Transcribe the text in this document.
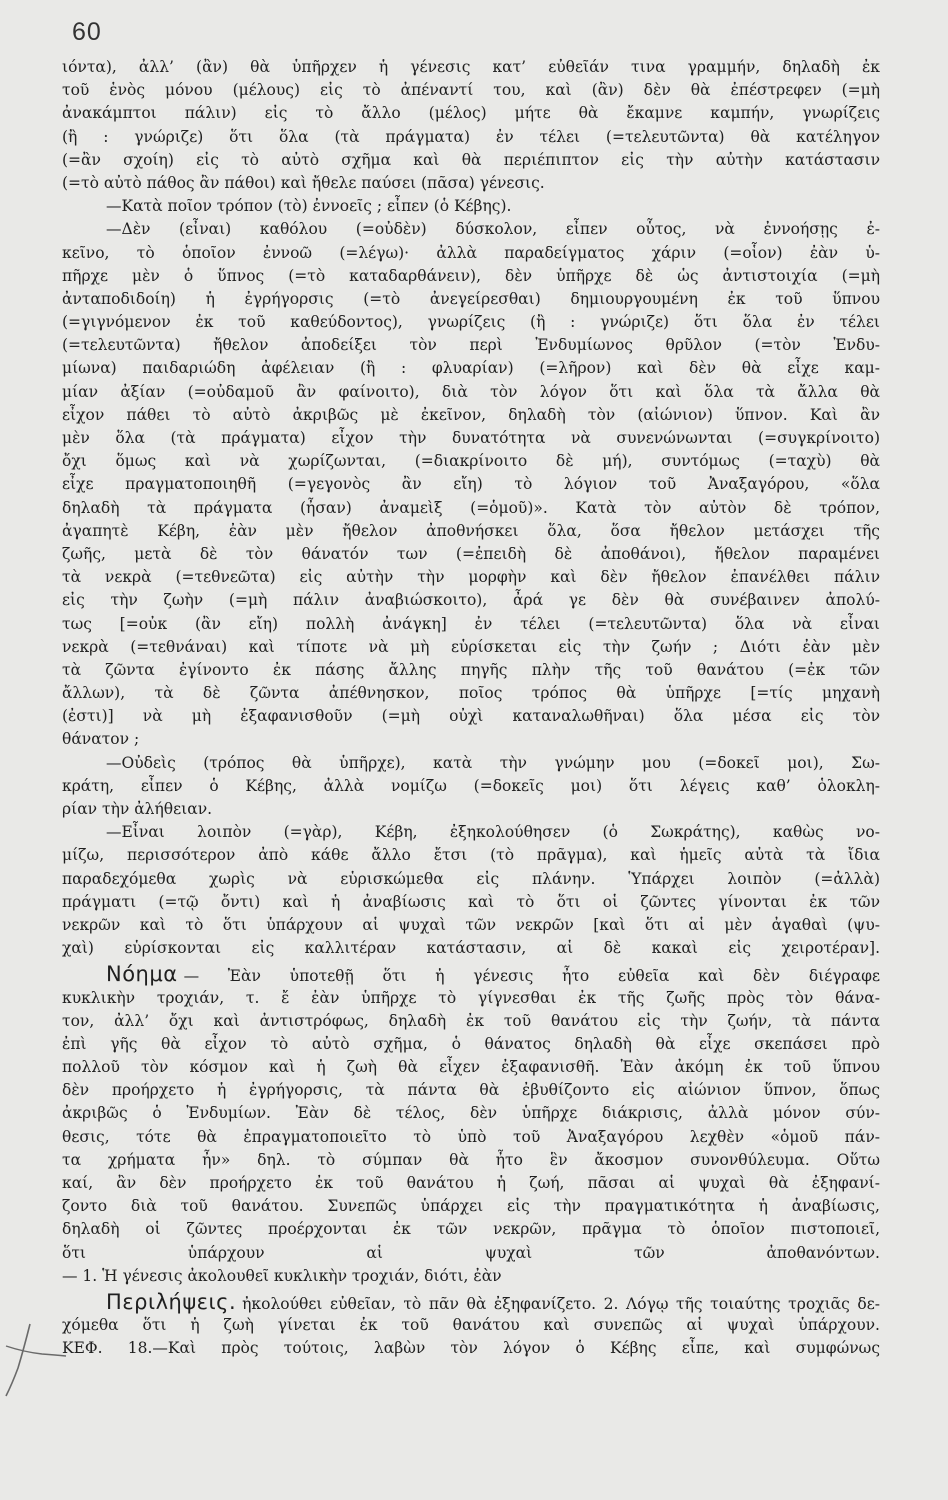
60
ιόντα), ἀλλ’ (ἂν) θὰ ὑπῆρχεν ἡ γένεσις κατ’ εὐθεῖάν τινα γραμμήν, δηλαδὴ ἐκ
τοῦ ἑνὸς μόνου (μέλους) εἰς τὸ ἀπέναντί του, καὶ (ἂν) δὲν θὰ ἐπέστρεφεν (=μὴ
ἀνακάμπτοι πάλιν) εἰς τὸ ἄλλο (μέλος) μήτε θὰ ἔκαμνε καμπήν, γνωρίζεις
(ἢ : γνώριζε) ὅτι ὅλα (τὰ πράγματα) ἐν τέλει (=τελευτῶντα) θὰ κατέληγον
(=ἂν σχοίη) εἰς τὸ αὐτὸ σχῆμα καὶ θὰ περιέπιπτον εἰς τὴν αὐτὴν κατάστασιν
(=τὸ αὐτὸ πάθος ἂν πάθοι) καὶ ἤθελε παύσει (πᾶσα) γένεσις.
—Κατὰ ποῖον τρόπον (τὸ) ἐννοεῖς ; εἶπεν (ὁ Κέβης).
—Δὲν (εἶναι) καθόλου (=οὐδὲν) δύσκολον, εἶπεν οὗτος, νὰ ἐννοήσῃς ἐ-
κεῖνο, τὸ ὁποῖον ἐννοῶ (=λέγω)· ἀλλὰ παραδείγματος χάριν (=οἷον) ἐὰν ὑ-
πῆρχε μὲν ὁ ὕπνος (=τὸ καταδαρθάνειν), δὲν ὑπῆρχε δὲ ὡς ἀντιστοιχία (=μὴ
ἀνταποδιδοίη) ἡ ἐγρήγορσις (=τὸ ἀνεγείρεσθαι) δημιουργουμένη ἐκ τοῦ ὕπνου
(=γιγνόμενον ἐκ τοῦ καθεύδοντος), γνωρίζεις (ἢ : γνώριζε) ὅτι ὅλα ἐν τέλει
(=τελευτῶντα) ἤθελον ἀποδείξει τὸν περὶ Ἐνδυμίωνος θρῦλον (=τὸν Ἐνδυ-
μίωνα) παιδαριώδη ἀφέλειαν (ἢ : φλυαρίαν) (=λῆρον) καὶ δὲν θὰ εἶχε καμ-
μίαν ἀξίαν (=οὐδαμοῦ ἂν φαίνοιτο), διὰ τὸν λόγον ὅτι καὶ ὅλα τὰ ἄλλα θὰ
εἶχον πάθει τὸ αὐτὸ ἀκριβῶς μὲ ἐκεῖνον, δηλαδὴ τὸν (αἰώνιον) ὕπνον. Καὶ ἂν
μὲν ὅλα (τὰ πράγματα) εἶχον τὴν δυνατότητα νὰ συνενώνωνται (=συγκρίνοιτο)
ὄχι ὅμως καὶ νὰ χωρίζωνται, (=διακρίνοιτο δὲ μή), συντόμως (=ταχὺ) θὰ
εἶχε πραγματοποιηθῆ (=γεγονὸς ἂν εἴη) τὸ λόγιον τοῦ Ἀναξαγόρου, «ὅλα
δηλαδὴ τὰ πράγματα (ἦσαν) ἀναμεὶξ (=ὁμοῦ)». Κατὰ τὸν αὐτὸν δὲ τρόπον,
ἀγαπητὲ Κέβη, ἐὰν μὲν ἤθελον ἀποθνήσκει ὅλα, ὅσα ἤθελον μετάσχει τῆς
ζωῆς, μετὰ δὲ τὸν θάνατόν των (=ἐπειδὴ δὲ ἀποθάνοι), ἤθελον παραμένει
τὰ νεκρὰ (=τεθνεῶτα) εἰς αὐτὴν τὴν μορφὴν καὶ δὲν ἤθελον ἐπανέλθει πάλιν
εἰς τὴν ζωὴν (=μὴ πάλιν ἀναβιώσκοιτο), ἆρά γε δὲν θὰ συνέβαινεν ἀπολύ-
τως [=οὐκ (ἂν εἴη) πολλὴ ἀνάγκη] ἐν τέλει (=τελευτῶντα) ὅλα νὰ εἶναι
νεκρὰ (=τεθνάναι) καὶ τίποτε νὰ μὴ εὑρίσκεται εἰς τὴν ζωήν ; Διότι ἐὰν μὲν
τὰ ζῶντα ἐγίνοντο ἐκ πάσης ἄλλης πηγῆς πλὴν τῆς τοῦ θανάτου (=ἐκ τῶν
ἄλλων), τὰ δὲ ζῶντα ἀπέθνησκον, ποῖος τρόπος θὰ ὑπῆρχε [=τίς μηχανὴ
(ἐστι)] νὰ μὴ ἐξαφανισθοῦν (=μὴ οὐχὶ καταναλωθῆναι) ὅλα μέσα εἰς τὸν
θάνατον ;
—Οὐδεὶς (τρόπος θὰ ὑπῆρχε), κατὰ τὴν γνώμην μου (=δοκεῖ μοι), Σω-
κράτη, εἶπεν ὁ Κέβης, ἀλλὰ νομίζω (=δοκεῖς μοι) ὅτι λέγεις καθ’ ὁλοκλη-
ρίαν τὴν ἀλήθειαν.
—Εἶναι λοιπὸν (=γὰρ), Κέβη, ἐξηκολούθησεν (ὁ Σωκράτης), καθὼς νο-
μίζω, περισσότερον ἀπὸ κάθε ἄλλο ἔτσι (τὸ πρᾶγμα), καὶ ἡμεῖς αὐτὰ τὰ ἴδια
παραδεχόμεθα χωρὶς νὰ εὑρισκώμεθα εἰς πλάνην. Ὑπάρχει λοιπὸν (=ἀλλὰ)
πράγματι (=τῷ ὄντι) καὶ ἡ ἀναβίωσις καὶ τὸ ὅτι οἱ ζῶντες γίνονται ἐκ τῶν
νεκρῶν καὶ τὸ ὅτι ὑπάρχουν αἱ ψυχαὶ τῶν νεκρῶν [καὶ ὅτι αἱ μὲν ἀγαθαὶ (ψυ-
χαὶ) εὑρίσκονται εἰς καλλιτέραν κατάστασιν, αἱ δὲ κακαὶ εἰς χειροτέραν].
Νόημα — Ἐὰν ὑποτεθῇ ὅτι ἡ γένεσις ἦτο εὐθεῖα καὶ δὲν διέγραφε
κυκλικὴν τροχιάν, τ. ἔ ἐὰν ὑπῆρχε τὸ γίγνεσθαι ἐκ τῆς ζωῆς πρὸς τὸν θάνα-
τον, ἀλλ’ ὄχι καὶ ἀντιστρόφως, δηλαδὴ ἐκ τοῦ θανάτου εἰς τὴν ζωήν, τὰ πάντα
ἐπὶ γῆς θὰ εἶχον τὸ αὐτὸ σχῆμα, ὁ θάνατος δηλαδὴ θὰ εἶχε σκεπάσει πρὸ
πολλοῦ τὸν κόσμον καὶ ἡ ζωὴ θὰ εἶχεν ἐξαφανισθῆ. Ἐὰν ἀκόμη ἐκ τοῦ ὕπνου
δὲν προήρχετο ἡ ἐγρήγορσις, τὰ πάντα θὰ ἐβυθίζοντο εἰς αἰώνιον ὕπνον, ὅπως
ἀκριβῶς ὁ Ἐνδυμίων. Ἐὰν δὲ τέλος, δὲν ὑπῆρχε διάκρισις, ἀλλὰ μόνον σύν-
θεσις, τότε θὰ ἐπραγματοποιεῖτο τὸ ὑπὸ τοῦ Ἀναξαγόρου λεχθὲν «ὁμοῦ πάν-
τα χρήματα ἦν» δηλ. τὸ σύμπαν θὰ ἦτο ἓν ἄκοσμον συνονθύλευμα. Οὕτω
καί, ἂν δὲν προήρχετο ἐκ τοῦ θανάτου ἡ ζωή, πᾶσαι αἱ ψυχαὶ θὰ ἐξηφανί-
ζοντο διὰ τοῦ θανάτου. Συνεπῶς ὑπάρχει εἰς τὴν πραγματικότητα ἡ ἀναβίωσις,
δηλαδὴ οἱ ζῶντες προέρχονται ἐκ τῶν νεκρῶν, πρᾶγμα τὸ ὁποῖον πιστοποιεῖ,
ὅτι ὑπάρχουν αἱ ψυχαὶ τῶν ἀποθανόντων.
— 1. Ἡ γένεσις ἀκολουθεῖ κυκλικὴν τροχιάν, διότι, ἐὰν
Περιλήψεις. ἠκολούθει εὐθεῖαν, τὸ πᾶν θὰ ἐξηφανίζετο. 2. Λόγῳ τῆς τοιαύτης τροχιᾶς δε-
χόμεθα ὅτι ἡ ζωὴ γίνεται ἐκ τοῦ θανάτου καὶ συνεπῶς αἱ ψυχαὶ ὑπάρχουν.
ΚΕΦ. 18.—Καὶ πρὸς τούτοις, λαβὼν τὸν λόγον ὁ Κέβης εἶπε, καὶ συμφώνως
